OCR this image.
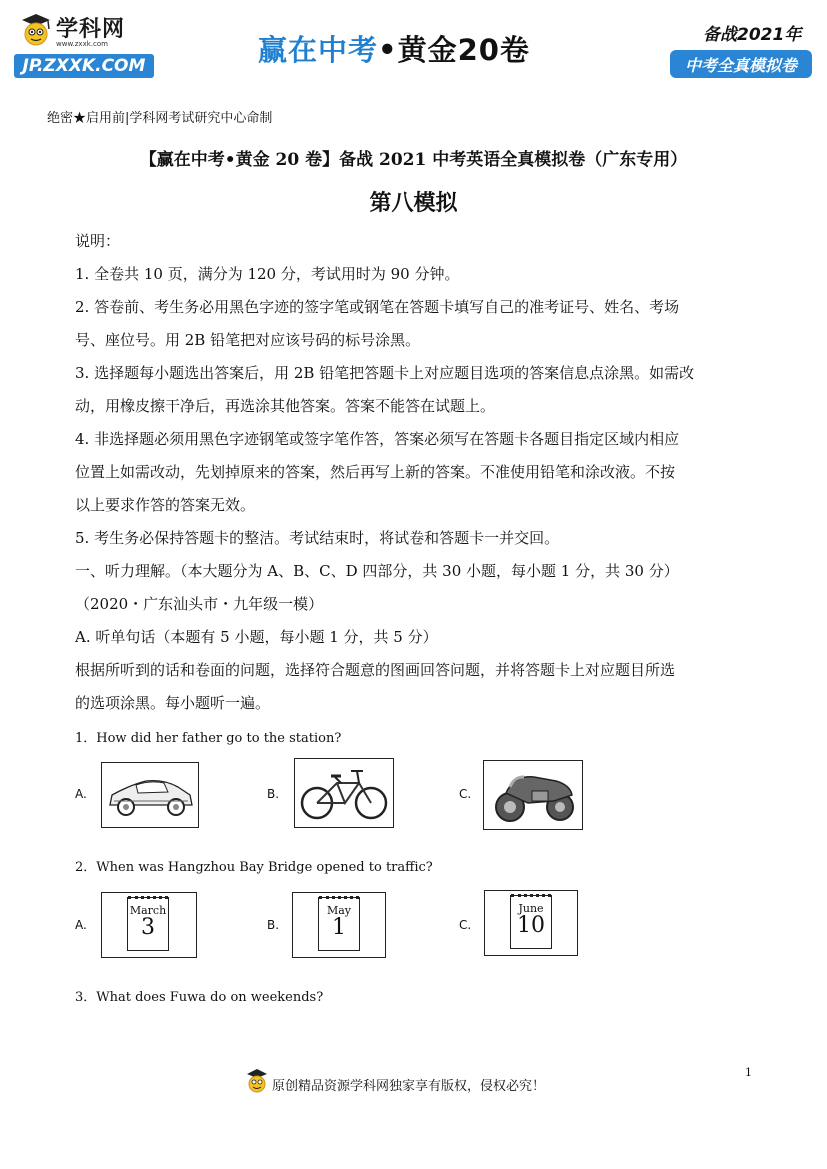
学科网
www.zxxk.com
JP.ZXXK.COM	赢在中考•黄金20卷	备战2021年
中考全真模拟卷
绝密★启用前|学科网考试研究中心命制
【赢在中考•黄金 20 卷】备战 2021 中考英语全真模拟卷（广东专用）
第八模拟
说明：
1. 全卷共 10 页，满分为 120 分，考试用时为 90 分钟。
2. 答卷前、考生务必用黑色字迹的签字笔或钢笔在答题卡填写自己的准考证号、姓名、考场
号、座位号。用 2B 铅笔把对应该号码的标号涂黑。
3. 选择题每小题选出答案后，用 2B 铅笔把答题卡上对应题目选项的答案信息点涂黑。如需改
动，用橡皮擦干净后，再选涂其他答案。答案不能答在试题上。
4. 非选择题必须用黑色字迹钢笔或签字笔作答，答案必须写在答题卡各题目指定区域内相应
位置上如需改动，先划掉原来的答案，然后再写上新的答案。不准使用铅笔和涂改液。不按
以上要求作答的答案无效。
5. 考生务必保持答题卡的整洁。考试结束时，将试卷和答题卡一并交回。
一、听力理解。（本大题分为 A、B、C、D 四部分，共 30 小题，每小题 1 分，共 30 分）
（2020・广东汕头市・九年级一模）
A. 听单句话（本题有 5 小题，每小题 1 分，共 5 分）
根据所听到的话和卷面的问题，选择符合题意的图画回答问题，并将答题卡上对应题目所选
的选项涂黑。每小题听一遍。
1．How did her father go to the station?
A.	B.	C.
2．When was Hangzhou Bay Bridge opened to traffic?
A.
March
3	B.
May
1	C.
June
10
3．What does Fuwa do on weekends?
原创精品资源学科网独家享有版权，侵权必究！
1
